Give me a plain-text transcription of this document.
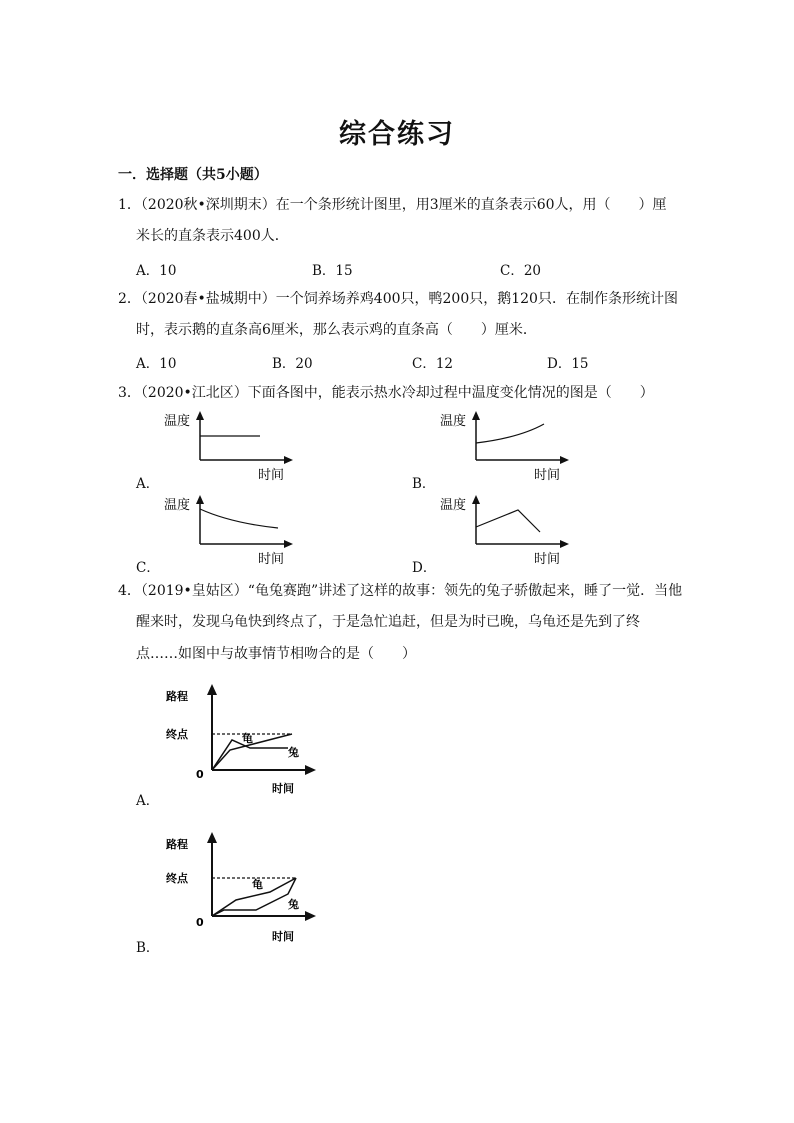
综合练习
一．选择题（共5小题）
1．（2020秋•深圳期末）在一个条形统计图里，用3厘米的直条表示60人，用（　　）厘
米长的直条表示400人．
A．10	B．15	C．20
2．（2020春•盐城期中）一个饲养场养鸡400只，鸭200只，鹅120只．在制作条形统计图
时，表示鹅的直条高6厘米，那么表示鸡的直条高（　　）厘米．
A．10	B．20	C．12	D．15
3．（2020•江北区）下面各图中，能表示热水冷却过程中温度变化情况的图是（　　）
温度
时间
A．
温度
时间
B．
温度
时间
C．
温度
时间
D．
4．（2019•皇姑区）“龟兔赛跑”讲述了这样的故事：领先的兔子骄傲起来，睡了一觉．当他
醒来时，发现乌龟快到终点了，于是急忙追赶，但是为时已晚，乌龟还是先到了终
点……如图中与故事情节相吻合的是（　　）
路程
终点
0
龟
兔
时间
A．
路程
终点
0
龟
兔
时间
B．
